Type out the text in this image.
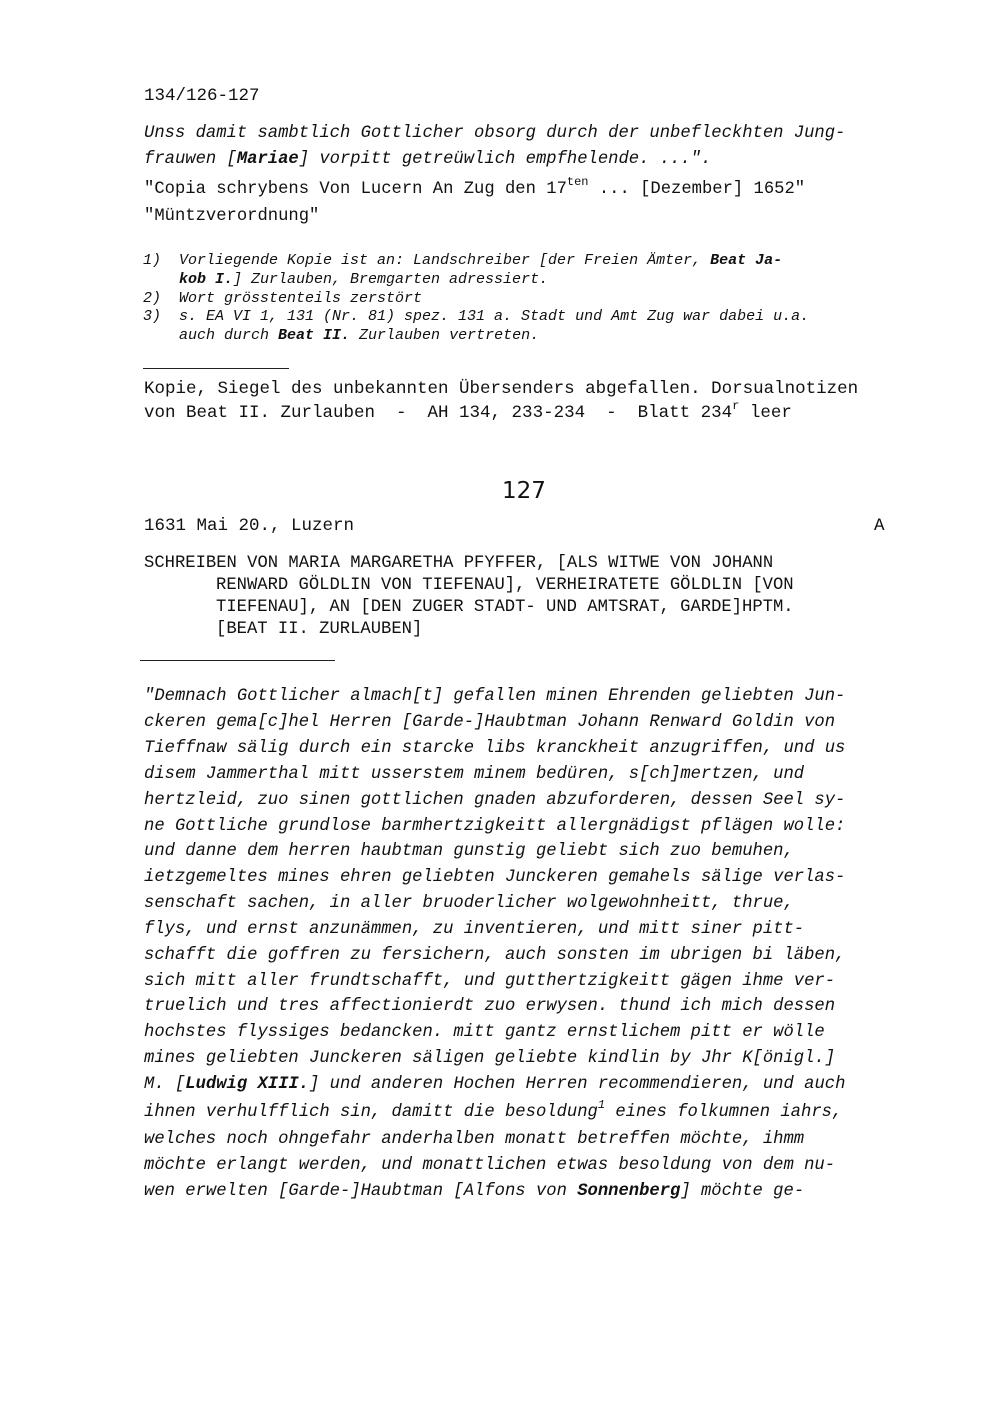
134/126-127
Unss damit sambtlich Gottlicher obsorg durch der unbefleckhten Jung-
frauwen [Mariae] vorpitt getreüwlich empfhelende. ...".
"Copia schrybens Von Lucern An Zug den $17^{ten}$ ... [Dezember] 1652"
"Müntzverordnung"
1) Vorliegende Kopie ist an: Landschreiber [der Freien Ämter, Beat Ja-
kob I.] Zurlauben, Bremgarten adressiert.
2) Wort grösstenteils zerstört
3) s. EA VI 1, 131 (Nr. 81) spez. 131 a. Stadt und Amt Zug war dabei u.a.
auch durch Beat II. Zurlauben vertreten.
Kopie, Siegel des unbekannten Übersenders abgefallen. Dorsualnotizen
von Beat II. Zurlauben  -  AH 134, 233-234  -  Blatt 234$^r$ leer
127
1631 Mai 20., Luzern	A
SCHREIBEN VON MARIA MARGARETHA PFYFFER, [ALS WITWE VON JOHANN
RENWARD GÖLDLIN VON TIEFENAU], VERHEIRATETE GÖLDLIN [VON
TIEFENAU], AN [DEN ZUGER STADT- UND AMTSRAT, GARDE]HPTM.
[BEAT II. ZURLAUBEN]
"Demnach Gottlicher almach[t] gefallen minen Ehrenden geliebten Jun-
ckeren gema[c]hel Herren [Garde-]Haubtman Johann Renward Goldin von
Tieffnaw sälig durch ein starcke libs kranckheit anzugriffen, und us
disem Jammerthal mitt usserstem minem bedüren, s[ch]mertzen, und
hertzleid, zuo sinen gottlichen gnaden abzuforderen, dessen Seel sy-
ne Gottliche grundlose barmhertzigkeitt allergnädigst pflägen wolle:
und danne dem herren haubtman gunstig geliebt sich zuo bemuhen,
ietzgemeltes mines ehren geliebten Junckeren gemahels sälige verlas-
senschaft sachen, in aller bruoderlicher wolgewohnheitt, thrue,
flys, und ernst anzunämmen, zu inventieren, und mitt siner pitt-
schafft die goffren zu fersichern, auch sonsten im ubrigen bi läben,
sich mitt aller frundtschafft, und gutthertzigkeitt gägen ihme ver-
truelich und tres affectionierdt zuo erwysen. thund ich mich dessen
hochstes flyssiges bedancken. mitt gantz ernstlichem pitt er wölle
mines geliebten Junckeren säligen geliebte kindlin by Jhr K[önigl.]
M. [Ludwig XIII.] und anderen Hochen Herren recommendieren, und auch
ihnen verhulfflich sin, damitt die besoldung$^1$ eines folkumnen iahrs,
welches noch ohngefahr anderhalben monatt betreffen möchte, ihmm
möchte erlangt werden, und monattlichen etwas besoldung von dem nu-
wen erwelten [Garde-]Haubtman [Alfons von Sonnenberg] möchte ge-
